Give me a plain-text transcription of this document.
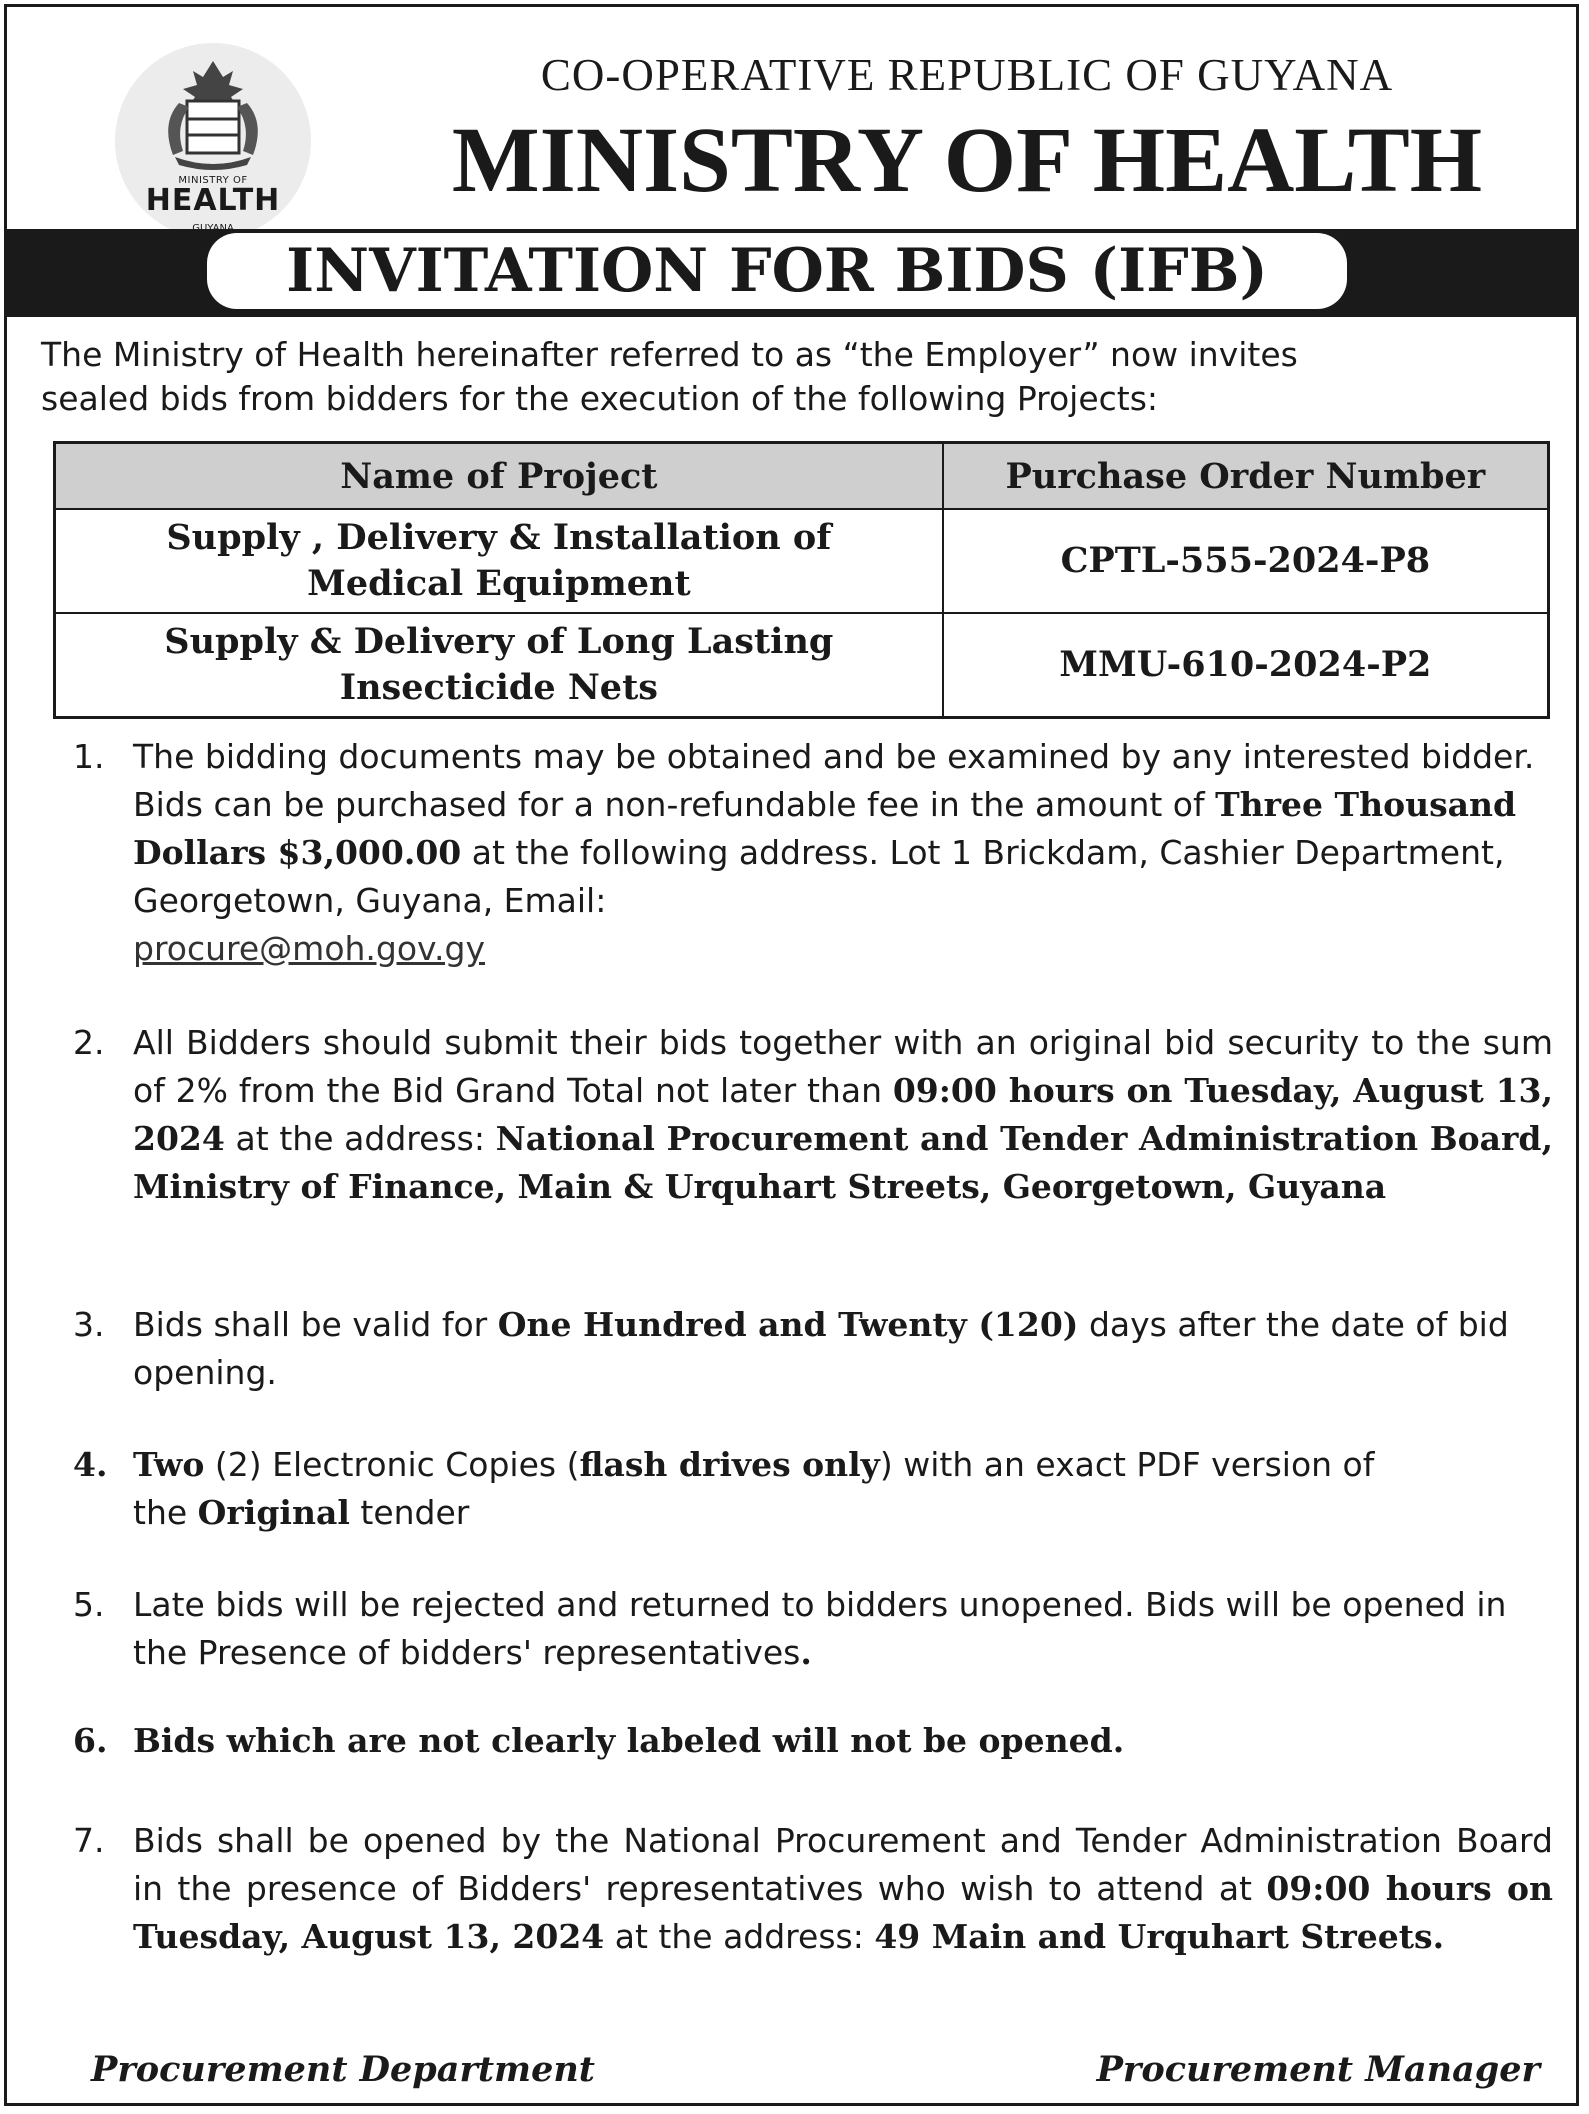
MINISTRY OF
HEALTH
CO-OPERATIVE REPUBLIC OF GUYANA
MINISTRY OF HEALTH
INVITATION FOR BIDS (IFB)
The Ministry of Health hereinafter referred to as “the Employer” now invites
sealed bids from bidders for the execution of the following Projects:
Name of Project	Purchase Order Number

Supply , Delivery & Installation of
Medical Equipment	CPTL-555-2024-P8

Supply & Delivery of Long Lasting
Insecticide Nets	MMU-610-2024-P2
1. The bidding documents may be obtained and be examined by any interested bidder. Bids can be purchased for a non-refundable fee in the amount of Three Thousand Dollars $3,000.00 at the following address. Lot 1 Brickdam, Cashier Department, Georgetown, Guyana, Email:
procure@moh.gov.gy
2. All Bidders should submit their bids together with an original bid security to the sum of 2% from the Bid Grand Total not later than 09:00 hours on Tuesday, August 13, 2024 at the address: National Procurement and Tender Administration Board, Ministry of Finance, Main & Urquhart Streets, Georgetown, Guyana
3. Bids shall be valid for One Hundred and Twenty (120) days after the date of bid opening.
4. Two (2) Electronic Copies (flash drives only) with an exact PDF version of
the Original tender
5. Late bids will be rejected and returned to bidders unopened. Bids will be opened in the Presence of bidders' representatives.
6. Bids which are not clearly labeled will not be opened.
7. Bids shall be opened by the National Procurement and Tender Administration Board in the presence of Bidders' representatives who wish to attend at 09:00 hours on Tuesday, August 13, 2024 at the address: 49 Main and Urquhart Streets.
Procurement Department	Procurement Manager
